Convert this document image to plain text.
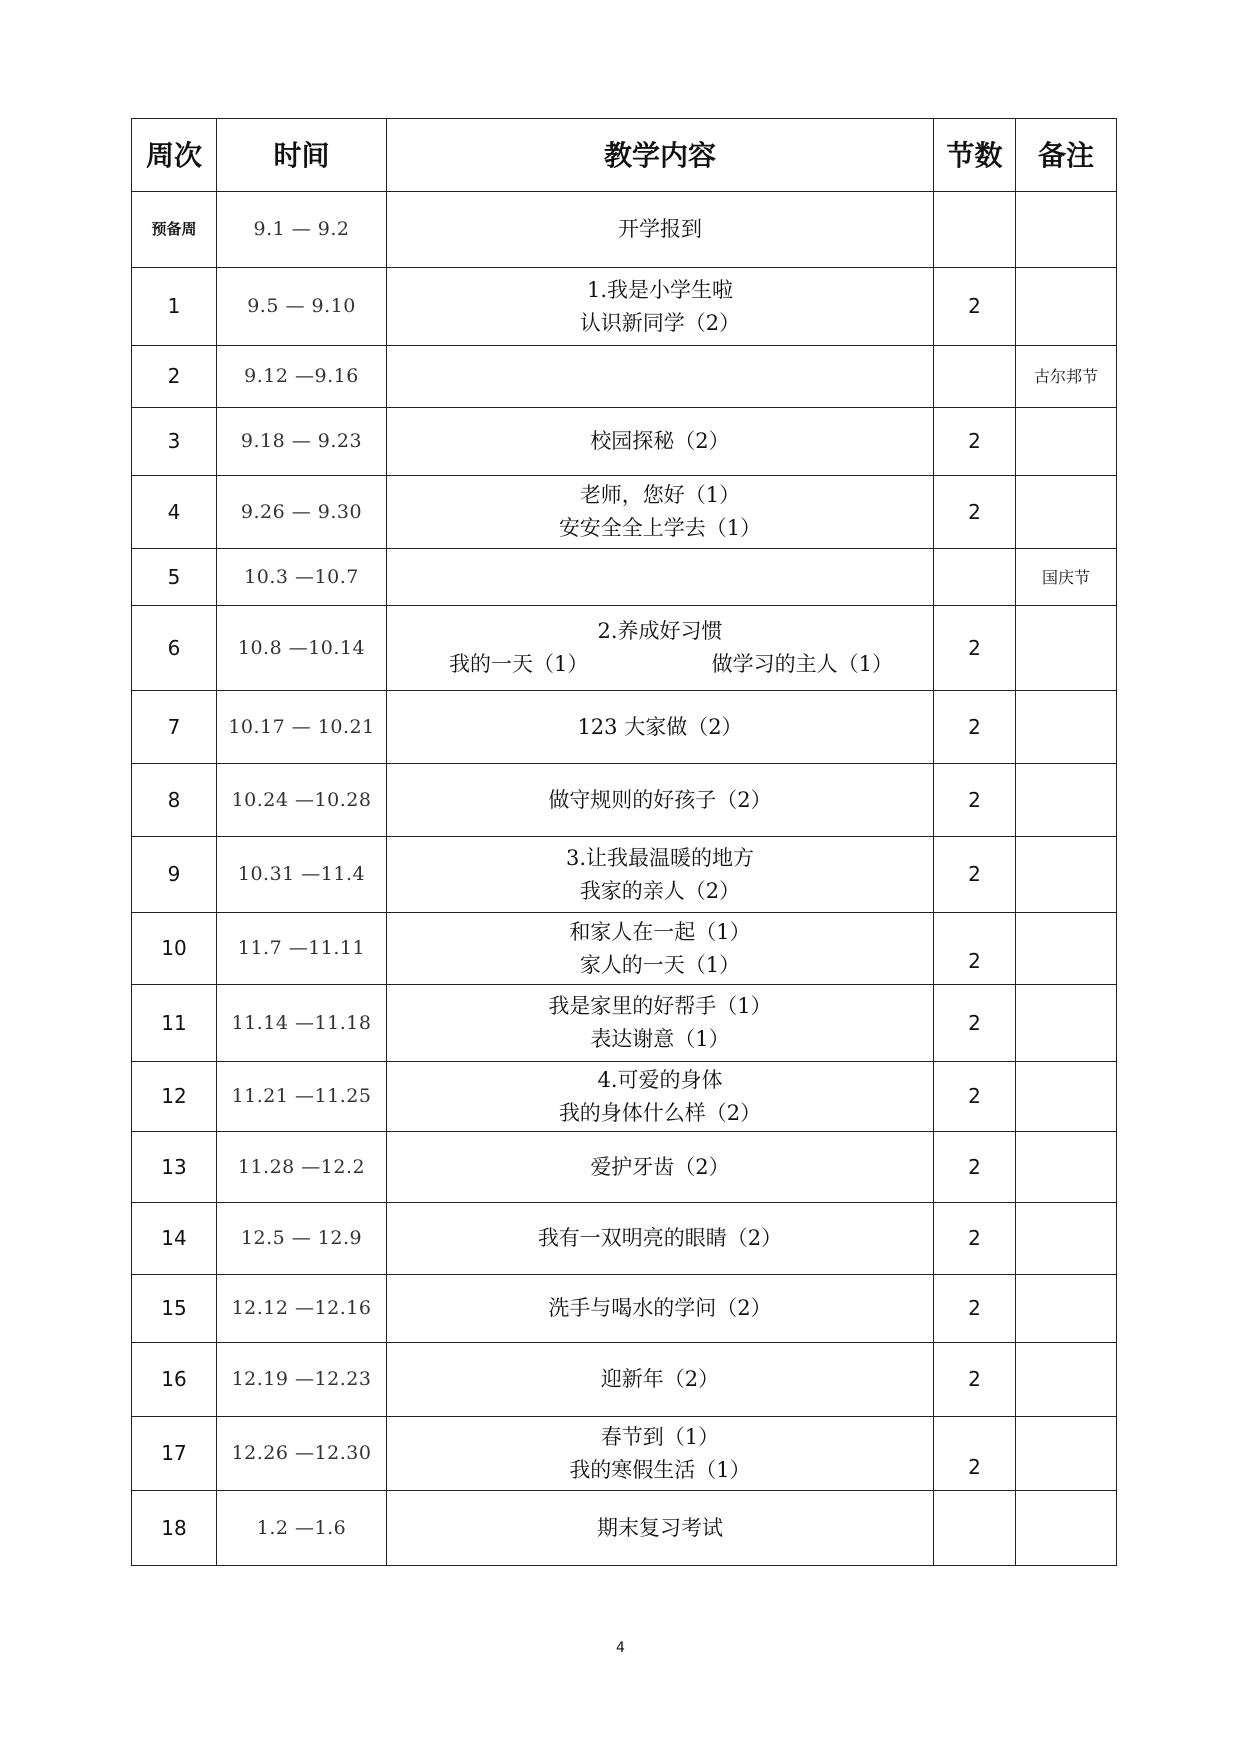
周次	时间	教学内容	节数	备注
预备周	9.1 — 9.2	开学报到		

1	9.5 — 9.10	1.我是小学生啦
认识新同学（2）	2	
2	9.12 —9.16			古尔邦节
3	9.18 — 9.23	校园探秘（2）	2	
4	9.26 — 9.30	老师，您好（1）
安安全全上学去（1）	2	
5	10.3 —10.7			国庆节
6	10.8 —10.14	2.养成好习惯
我的一天（1） 做学习的主人（1）	2	
7	10.17 — 10.21	123 大家做（2）	2	
8	10.24 —10.28	做守规则的好孩子（2）	2	
9	10.31 —11.4	3.让我最温暖的地方
我家的亲人（2）	2	
10	11.7 —11.11	和家人在一起（1）
家人的一天（1）	2	
11	11.14 —11.18	我是家里的好帮手（1）
表达谢意（1）	2	
12	11.21 —11.25	4.可爱的身体
我的身体什么样（2）	2	
13	11.28 —12.2	爱护牙齿（2）	2	
14	12.5 — 12.9	我有一双明亮的眼睛（2）	2	
15	12.12 —12.16	洗手与喝水的学问（2）	2	
16	12.19 —12.23	迎新年（2）	2	
17	12.26 —12.30	春节到（1）
我的寒假生活（1）	2	
18	1.2 —1.6	期末复习考试		

4
